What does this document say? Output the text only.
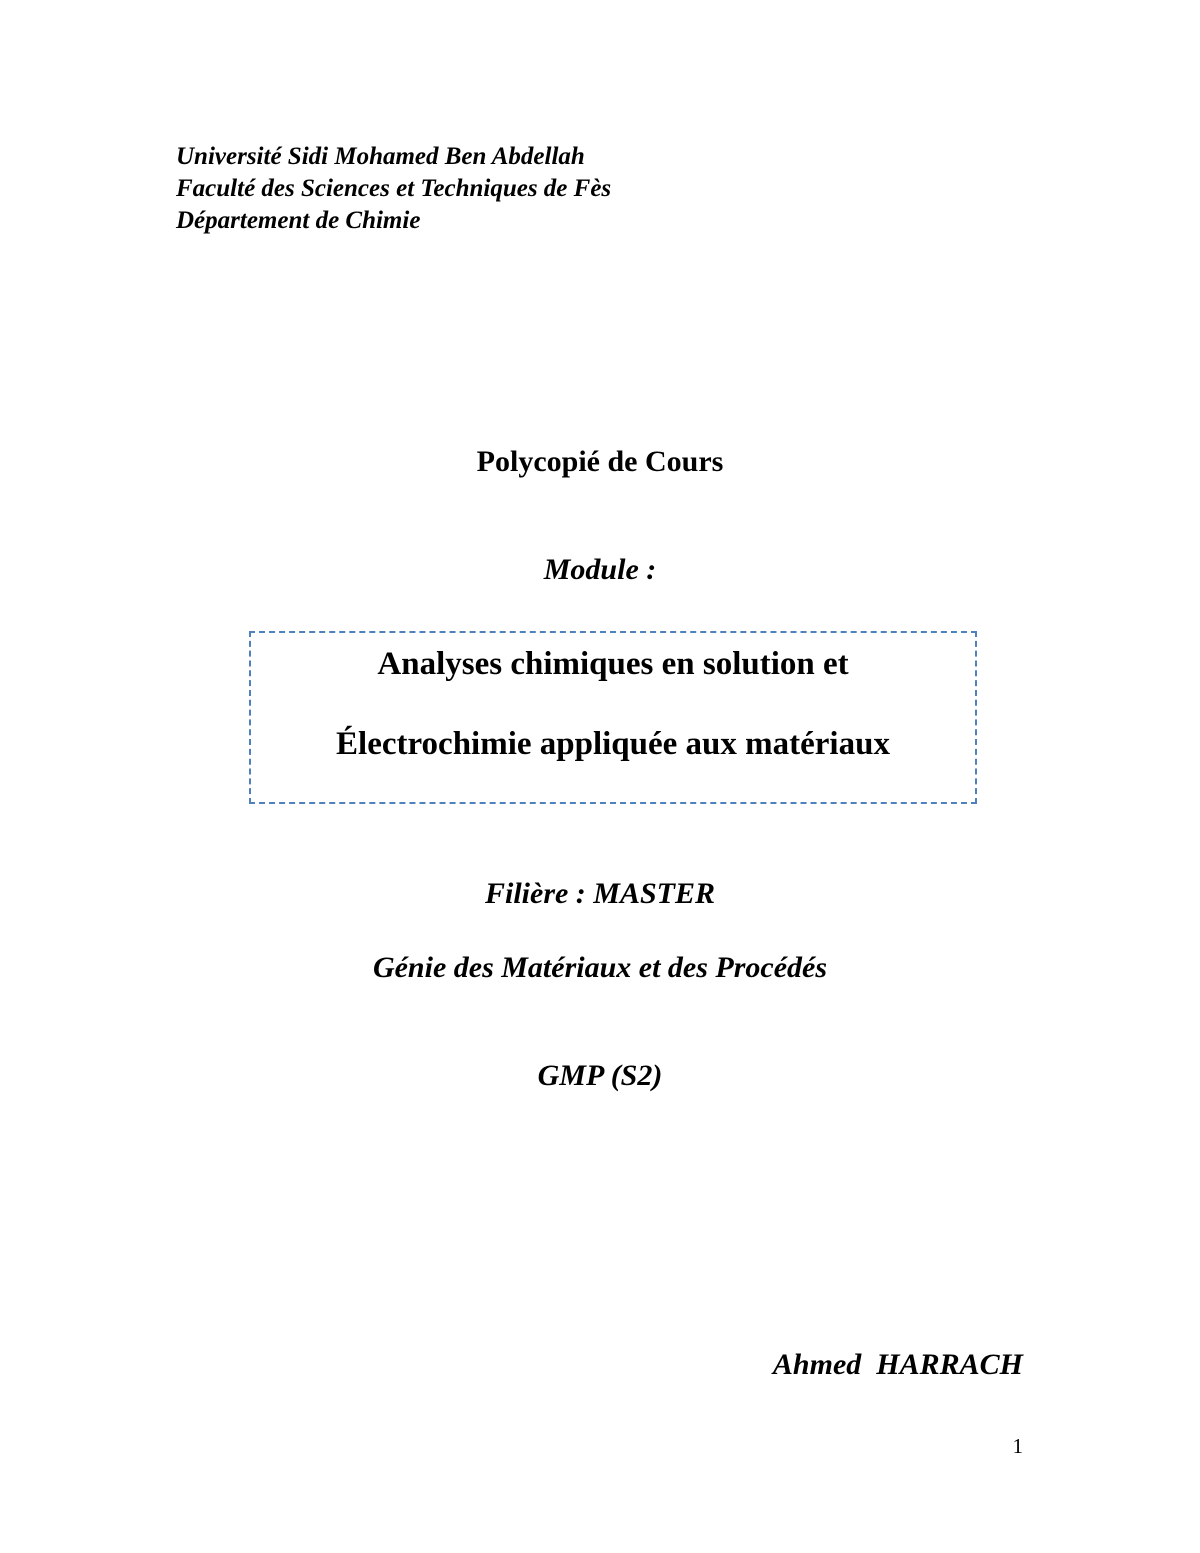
Université Sidi Mohamed Ben Abdellah
Faculté des Sciences et Techniques de Fès
Département de Chimie
Polycopié de Cours
Module :
Analyses chimiques en solution et
Électrochimie appliquée aux matériaux
Filière : MASTER
Génie des Matériaux et des Procédés
GMP (S2)
Ahmed  HARRACH
1
